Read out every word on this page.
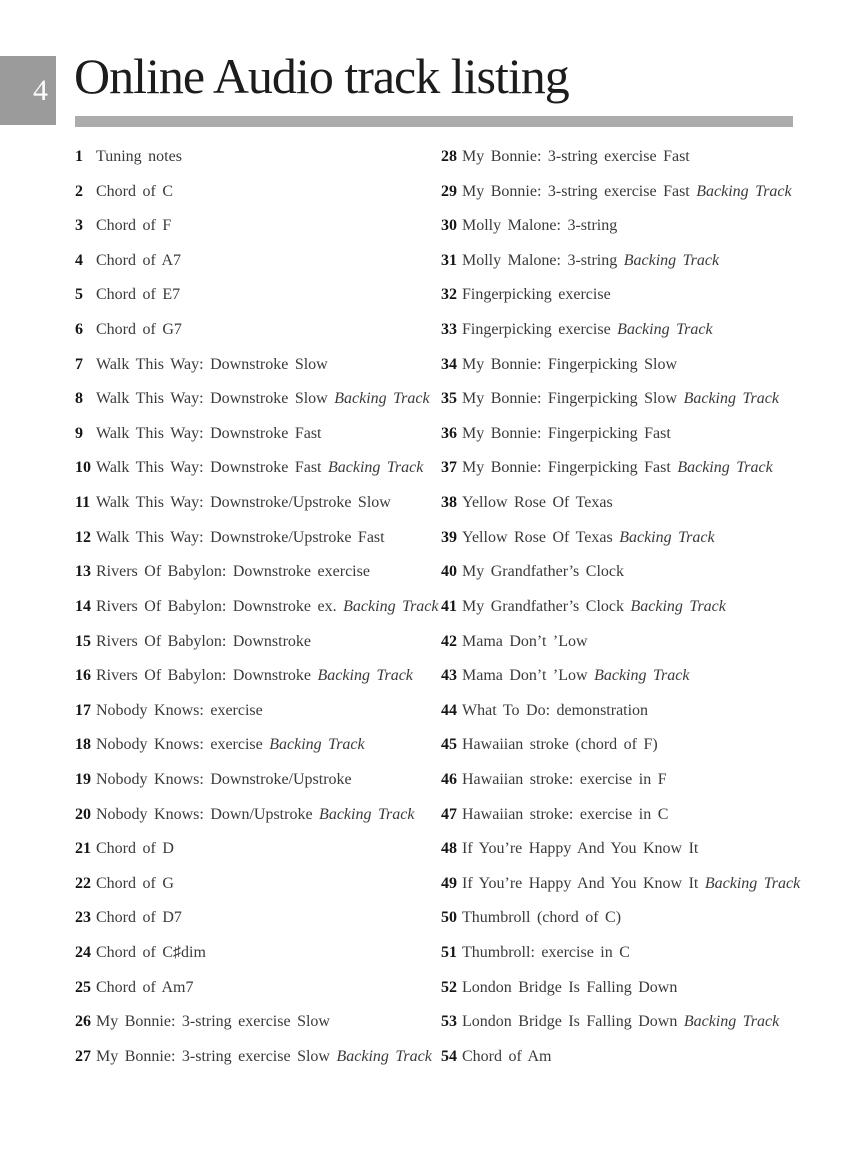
4 Online Audio track listing
1 Tuning notes
2 Chord of C
3 Chord of F
4 Chord of A7
5 Chord of E7
6 Chord of G7
7 Walk This Way: Downstroke Slow
8 Walk This Way: Downstroke Slow Backing Track
9 Walk This Way: Downstroke Fast
10 Walk This Way: Downstroke Fast Backing Track
11 Walk This Way: Downstroke/Upstroke Slow
12 Walk This Way: Downstroke/Upstroke Fast
13 Rivers Of Babylon: Downstroke exercise
14 Rivers Of Babylon: Downstroke ex. Backing Track
15 Rivers Of Babylon: Downstroke
16 Rivers Of Babylon: Downstroke Backing Track
17 Nobody Knows: exercise
18 Nobody Knows: exercise Backing Track
19 Nobody Knows: Downstroke/Upstroke
20 Nobody Knows: Down/Upstroke Backing Track
21 Chord of D
22 Chord of G
23 Chord of D7
24 Chord of C♯dim
25 Chord of Am7
26 My Bonnie: 3-string exercise Slow
27 My Bonnie: 3-string exercise Slow Backing Track
28 My Bonnie: 3-string exercise Fast
29 My Bonnie: 3-string exercise Fast Backing Track
30 Molly Malone: 3-string
31 Molly Malone: 3-string Backing Track
32 Fingerpicking exercise
33 Fingerpicking exercise Backing Track
34 My Bonnie: Fingerpicking Slow
35 My Bonnie: Fingerpicking Slow Backing Track
36 My Bonnie: Fingerpicking Fast
37 My Bonnie: Fingerpicking Fast Backing Track
38 Yellow Rose Of Texas
39 Yellow Rose Of Texas Backing Track
40 My Grandfather’s Clock
41 My Grandfather’s Clock Backing Track
42 Mama Don’t ’Low
43 Mama Don’t ’Low Backing Track
44 What To Do: demonstration
45 Hawaiian stroke (chord of F)
46 Hawaiian stroke: exercise in F
47 Hawaiian stroke: exercise in C
48 If You’re Happy And You Know It
49 If You’re Happy And You Know It Backing Track
50 Thumbroll (chord of C)
51 Thumbroll: exercise in C
52 London Bridge Is Falling Down
53 London Bridge Is Falling Down Backing Track
54 Chord of Am
